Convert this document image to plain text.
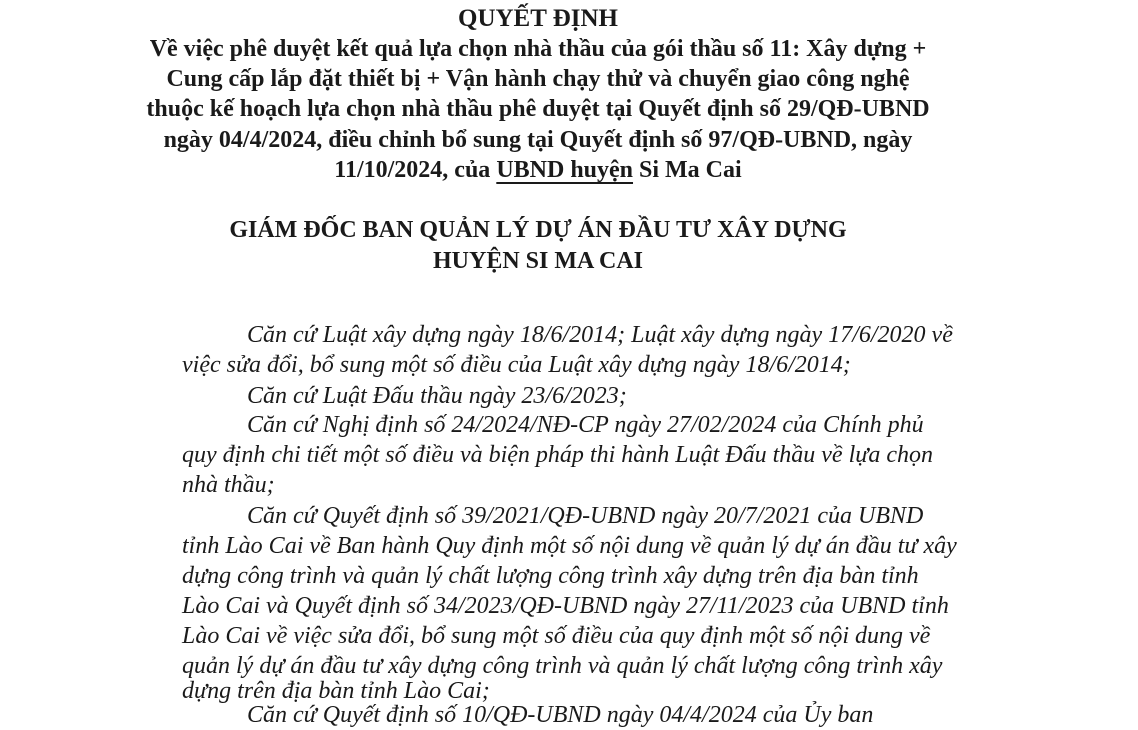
QUYẾT ĐỊNH
Về việc phê duyệt kết quả lựa chọn nhà thầu của gói thầu số 11: Xây dựng +
Cung cấp lắp đặt thiết bị + Vận hành chạy thử và chuyển giao công nghệ
thuộc kế hoạch lựa chọn nhà thầu phê duyệt tại Quyết định số 29/QĐ-UBND
ngày 04/4/2024, điều chỉnh bổ sung tại Quyết định số 97/QĐ-UBND, ngày
11/10/2024, của UBND huyện Si Ma Cai
GIÁM ĐỐC BAN QUẢN LÝ DỰ ÁN ĐẦU TƯ XÂY DỰNG
HUYỆN SI MA CAI
Căn cứ Luật xây dựng ngày 18/6/2014; Luật xây dựng ngày 17/6/2020 về
việc sửa đổi, bổ sung một số điều của Luật xây dựng ngày 18/6/2014;
Căn cứ Luật Đấu thầu ngày 23/6/2023;
Căn cứ Nghị định số 24/2024/NĐ-CP ngày 27/02/2024 của Chính phủ
quy định chi tiết một số điều và biện pháp thi hành Luật Đấu thầu về lựa chọn
nhà thầu;
Căn cứ Quyết định số 39/2021/QĐ-UBND ngày 20/7/2021 của UBND
tỉnh Lào Cai về Ban hành Quy định một số nội dung về quản lý dự án đầu tư xây
dựng công trình và quản lý chất lượng công trình xây dựng trên địa bàn tỉnh
Lào Cai và Quyết định số 34/2023/QĐ-UBND ngày 27/11/2023 của UBND tỉnh
Lào Cai về việc sửa đổi, bổ sung một số điều của quy định một số nội dung về
quản lý dự án đầu tư xây dựng công trình và quản lý chất lượng công trình xây
dựng trên địa bàn tỉnh Lào Cai;
Căn cứ Quyết định số 10/QĐ-UBND ngày 04/4/2024 của Ủy ban
